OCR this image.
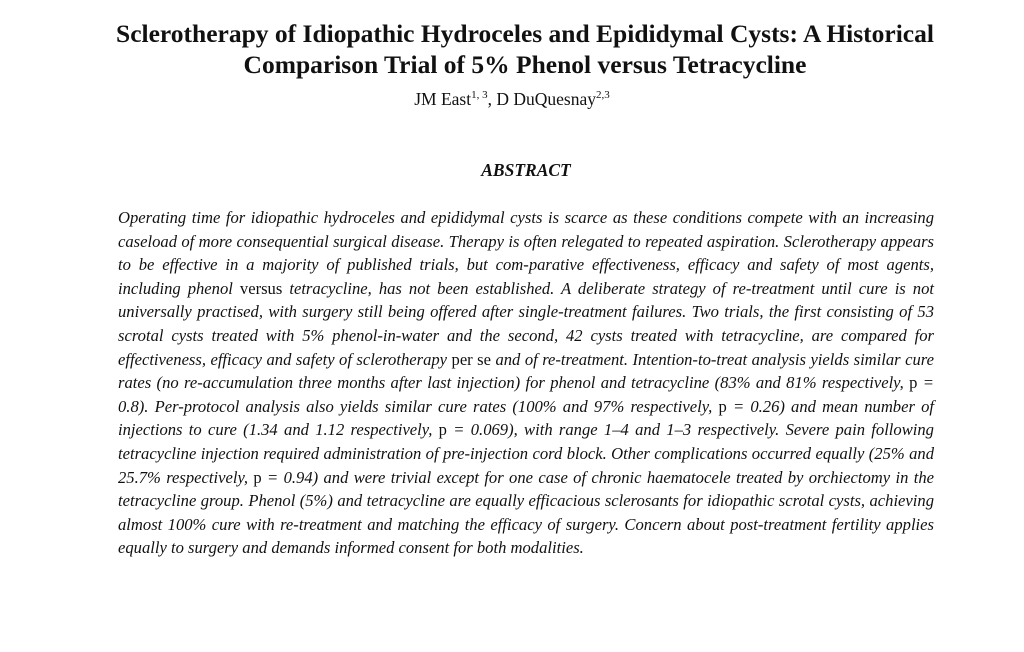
Sclerotherapy of Idiopathic Hydroceles and Epididymal Cysts: A Historical
Comparison Trial of 5% Phenol versus Tetracycline

JM East$^{1, 3}$, D DuQuesnay$^{2,3}$

ABSTRACT

Operating time for idiopathic hydroceles and epididymal cysts is scarce as these conditions compete with an increasing caseload of more consequential surgical disease. Therapy is often relegated to repeated aspiration. Sclerotherapy appears to be effective in a majority of published trials, but com-parative effectiveness, efficacy and safety of most agents, including phenol versus tetracycline, has not been established. A deliberate strategy of re-treatment until cure is not universally practised, with surgery still being offered after single-treatment failures. Two trials, the first consisting of 53 scrotal cysts treated with 5% phenol-in-water and the second, 42 cysts treated with tetracycline, are compared for effectiveness, efficacy and safety of sclerotherapy per se and of re-treatment. Intention-to-treat analysis yields similar cure rates (no re-accumulation three months after last injection) for phenol and tetracycline (83% and 81% respectively, p = 0.8). Per-protocol analysis also yields similar cure rates (100% and 97% respectively, p = 0.26) and mean number of injections to cure (1.34 and 1.12 respectively, p = 0.069), with range 1–4 and 1–3 respectively. Severe pain following tetracycline injection required administration of pre-injection cord block. Other complications occurred equally (25% and 25.7% respectively, p = 0.94) and were trivial except for one case of chronic haematocele treated by orchiectomy in the tetracycline group. Phenol (5%) and tetracycline are equally efficacious sclerosants for idiopathic scrotal cysts, achieving almost 100% cure with re-treatment and matching the efficacy of surgery. Concern about post-treatment fertility applies equally to surgery and demands informed consent for both modalities.
